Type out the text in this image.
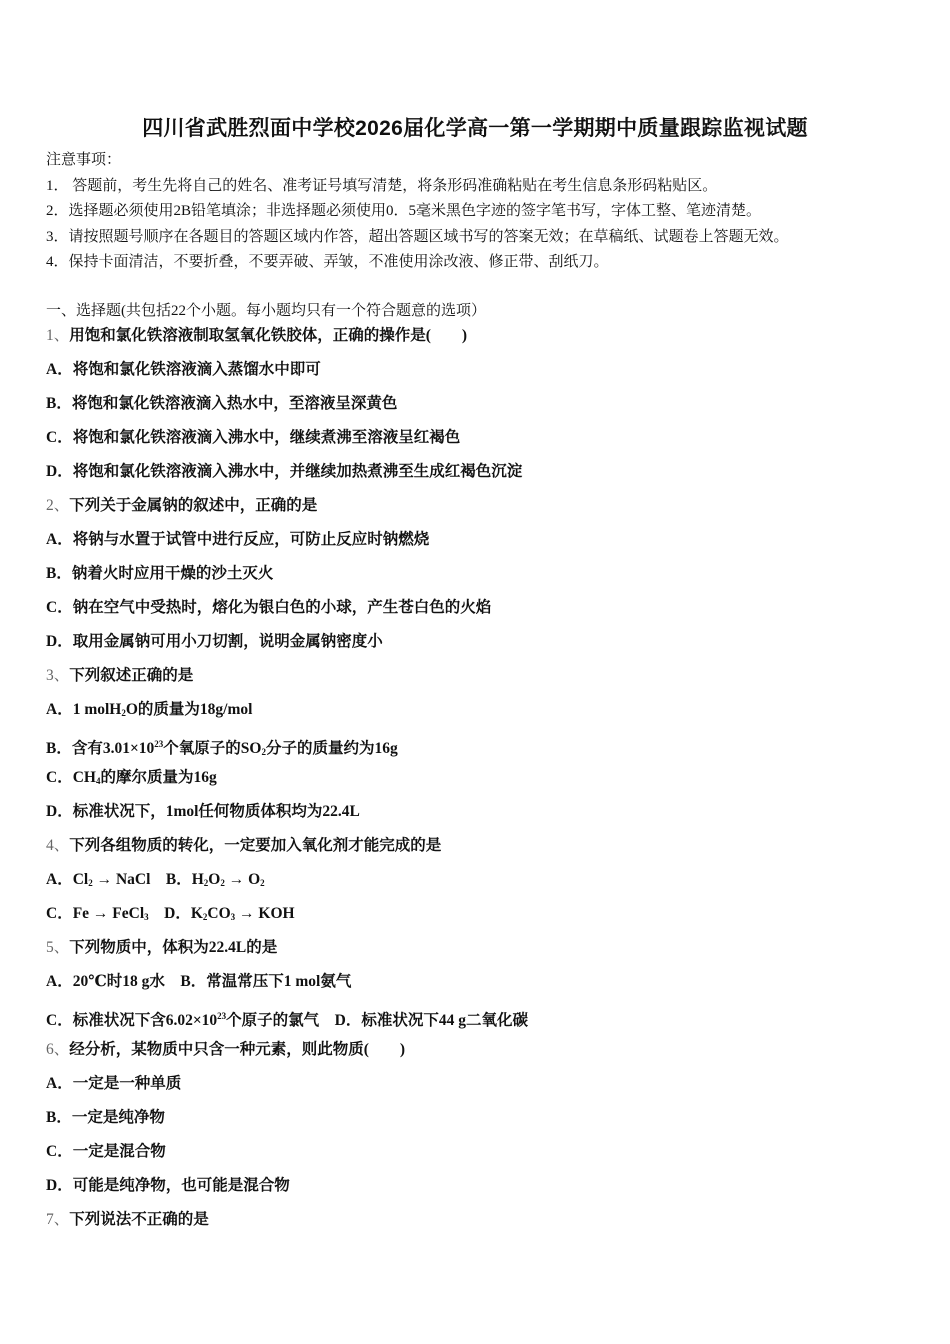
四川省武胜烈面中学校2026届化学高一第一学期期中质量跟踪监视试题
注意事项：
1． 答题前，考生先将自己的姓名、准考证号填写清楚，将条形码准确粘贴在考生信息条形码粘贴区。
2．选择题必须使用2B铅笔填涂；非选择题必须使用0．5毫米黑色字迹的签字笔书写，字体工整、笔迹清楚。
3．请按照题号顺序在各题目的答题区域内作答，超出答题区域书写的答案无效；在草稿纸、试题卷上答题无效。
4．保持卡面清洁，不要折叠，不要弄破、弄皱，不准使用涂改液、修正带、刮纸刀。
一、选择题(共包括22个小题。每小题均只有一个符合题意的选项）
1、用饱和氯化铁溶液制取氢氧化铁胶体，正确的操作是(　　)
A．将饱和氯化铁溶液滴入蒸馏水中即可
B．将饱和氯化铁溶液滴入热水中，至溶液呈深黄色
C．将饱和氯化铁溶液滴入沸水中，继续煮沸至溶液呈红褐色
D．将饱和氯化铁溶液滴入沸水中，并继续加热煮沸至生成红褐色沉淀
2、下列关于金属钠的叙述中，正确的是
A．将钠与水置于试管中进行反应，可防止反应时钠燃烧
B．钠着火时应用干燥的沙土灭火
C．钠在空气中受热时，熔化为银白色的小球，产生苍白色的火焰
D．取用金属钠可用小刀切割，说明金属钠密度小
3、下列叙述正确的是
A．1 molH$_2$O的质量为18g/mol
B．含有$3.01\times 10^{23}$个氧原子的$SO_2$分子的质量约为16g
C．$CH_4$的摩尔质量为16g
D．标准状况下，1mol任何物质体积均为22.4L
4、下列各组物质的转化，一定要加入氧化剂才能完成的是
A．$Cl_2$ → NaCl　B．$H_2O_2 \to O_2$
C．Fe → FeCl$_3$　D．$K_2CO_3$ → KOH
5、下列物质中，体积为22.4L的是
A．20℃时18 g水　B．常温常压下1 mol氨气
C．标准状况下含$6.02\times 10^{23}$个原子的氯气　D．标准状况下44 g二氧化碳
6、经分析，某物质中只含一种元素，则此物质(　　)
A．一定是一种单质
B．一定是纯净物
C．一定是混合物
D．可能是纯净物，也可能是混合物
7、下列说法不正确的是
